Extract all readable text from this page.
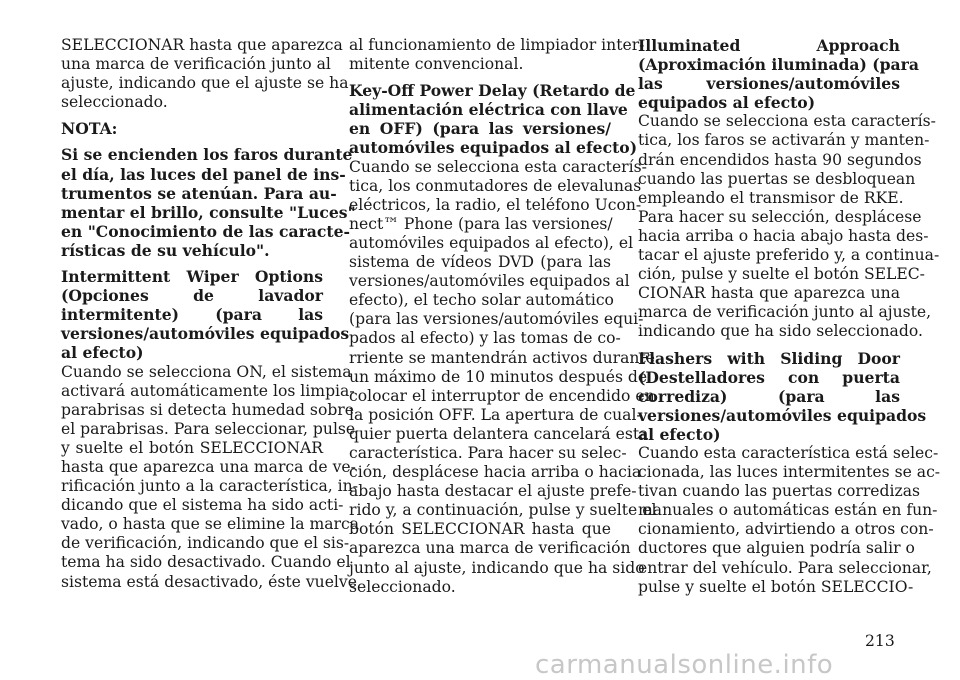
SELECCIONAR hasta que aparezca
una marca de verificación junto al
ajuste, indicando que el ajuste se ha
seleccionado.
NOTA:
Si se encienden los faros durante
el día, las luces del panel de ins-
trumentos se atenúan. Para au-
mentar el brillo, consulte "Luces"
en "Conocimiento de las caracte-
rísticas de su vehículo".
Intermittent Wiper Options
(Opciones de lavador
intermitente) (para las
versiones/automóviles equipados
al efecto)
Cuando se selecciona ON, el sistema
activará automáticamente los limpia-
parabrisas si detecta humedad sobre
el parabrisas. Para seleccionar, pulse
y suelte el botón SELECCIONAR
hasta que aparezca una marca de ve-
rificación junto a la característica, in-
dicando que el sistema ha sido acti-
vado, o hasta que se elimine la marca
de verificación, indicando que el sis-
tema ha sido desactivado. Cuando el
sistema está desactivado, éste vuelve
al funcionamiento de limpiador inter-
mitente convencional.
Key-Off Power Delay (Retardo de
alimentación eléctrica con llave
en OFF) (para las versiones/
automóviles equipados al efecto)
Cuando se selecciona esta caracterís-
tica, los conmutadores de elevalunas
eléctricos, la radio, el teléfono Ucon-
nect™ Phone (para las versiones/
automóviles equipados al efecto), el
sistema de vídeos DVD (para las
versiones/automóviles equipados al
efecto), el techo solar automático
(para las versiones/automóviles equi-
pados al efecto) y las tomas de co-
rriente se mantendrán activos durante
un máximo de 10 minutos después de
colocar el interruptor de encendido en
la posición OFF. La apertura de cual-
quier puerta delantera cancelará esta
característica. Para hacer su selec-
ción, desplácese hacia arriba o hacia
abajo hasta destacar el ajuste prefe-
rido y, a continuación, pulse y suelte el
botón SELECCIONAR hasta que
aparezca una marca de verificación
junto al ajuste, indicando que ha sido
seleccionado.
Illuminated Approach
(Aproximación iluminada) (para
las versiones/automóviles
equipados al efecto)
Cuando se selecciona esta caracterís-
tica, los faros se activarán y manten-
drán encendidos hasta 90 segundos
cuando las puertas se desbloquean
empleando el transmisor de RKE.
Para hacer su selección, desplácese
hacia arriba o hacia abajo hasta des-
tacar el ajuste preferido y, a continua-
ción, pulse y suelte el botón SELEC-
CIONAR hasta que aparezca una
marca de verificación junto al ajuste,
indicando que ha sido seleccionado.
Flashers with Sliding Door
(Destelladores con puerta
corrediza) (para las
versiones/automóviles equipados
al efecto)
Cuando esta característica está selec-
cionada, las luces intermitentes se ac-
tivan cuando las puertas corredizas
manuales o automáticas están en fun-
cionamiento, advirtiendo a otros con-
ductores que alguien podría salir o
entrar del vehículo. Para seleccionar,
pulse y suelte el botón SELECCIO-
213
carmanualsonline.info
